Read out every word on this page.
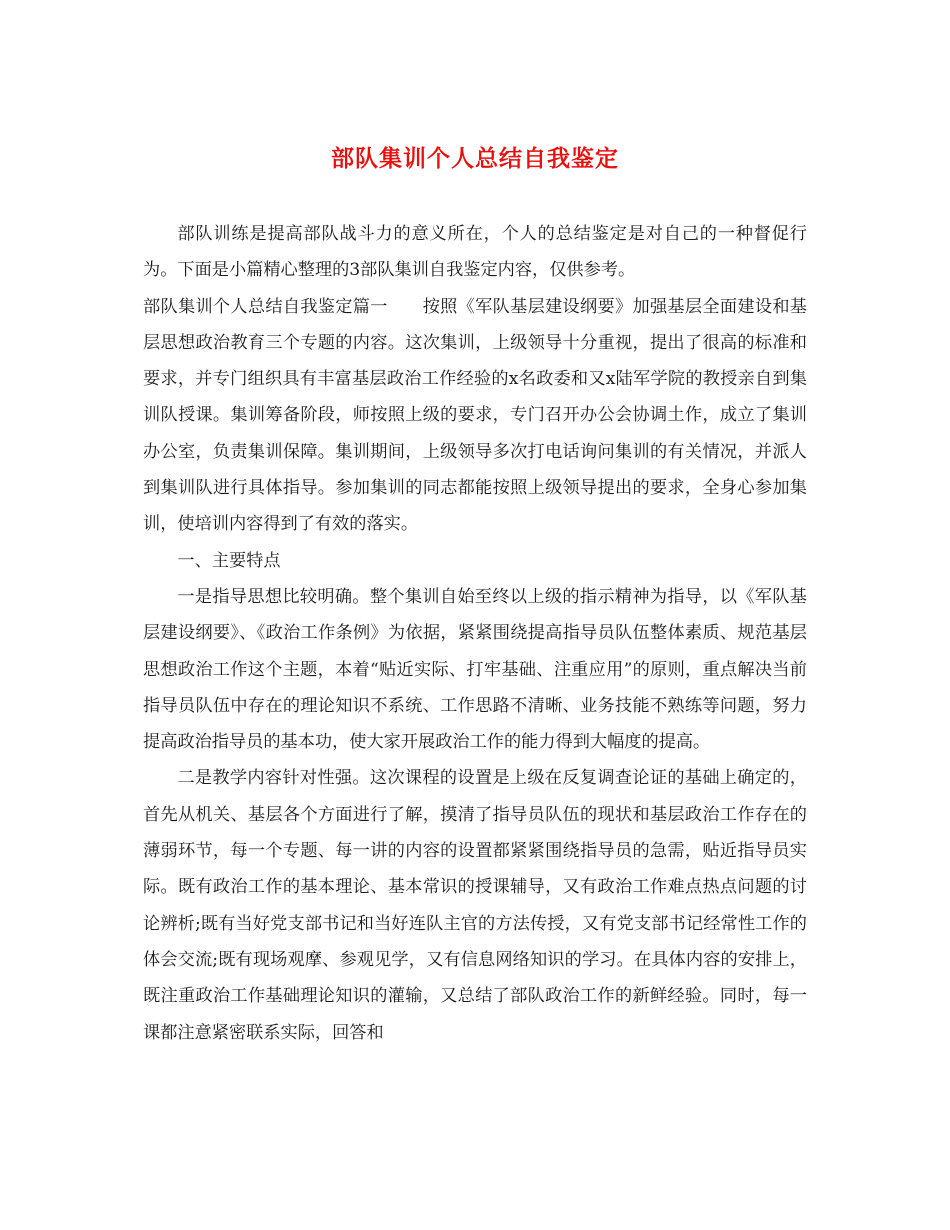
部队集训个人总结自我鉴定

部队训练是提高部队战斗力的意义所在，个人的总结鉴定是对自己的一种督促行为。下面是小篇精心整理的3部队集训自我鉴定内容，仅供参考。

部队集训个人总结自我鉴定篇一　　按照《军队基层建设纲要》加强基层全面建设和基层思想政治教育三个专题的内容。这次集训，上级领导十分重视，提出了很高的标准和要求，并专门组织具有丰富基层政治工作经验的x名政委和又x陆军学院的教授亲自到集训队授课。集训筹备阶段，师按照上级的要求，专门召开办公会协调土作，成立了集训办公室，负责集训保障。集训期间，上级领导多次打电话询问集训的有关情况，并派人到集训队进行具体指导。参加集训的同志都能按照上级领导提出的要求，全身心参加集训，使培训内容得到了有效的落实。

一、主要特点

一是指导思想比较明确。整个集训自始至终以上级的指示精神为指导，以《军队基层建设纲要》、《政治工作条例》为依据，紧紧围绕提高指导员队伍整体素质、规范基层思想政治工作这个主题，本着“贴近实际、打牢基础、注重应用”的原则，重点解决当前指导员队伍中存在的理论知识不系统、工作思路不清晰、业务技能不熟练等问题，努力提高政治指导员的基本功，使大家开展政治工作的能力得到大幅度的提高。

二是教学内容针对性强。这次课程的设置是上级在反复调查论证的基础上确定的，首先从机关、基层各个方面进行了解，摸清了指导员队伍的现状和基层政治工作存在的薄弱环节，每一个专题、每一讲的内容的设置都紧紧围绕指导员的急需，贴近指导员实际。既有政治工作的基本理论、基本常识的授课辅导，又有政治工作难点热点问题的讨论辨析;既有当好党支部书记和当好连队主官的方法传授，又有党支部书记经常性工作的体会交流;既有现场观摩、参观见学，又有信息网络知识的学习。在具体内容的安排上，既注重政治工作基础理论知识的灌输，又总结了部队政治工作的新鲜经验。同时，每一课都注意紧密联系实际，回答和
